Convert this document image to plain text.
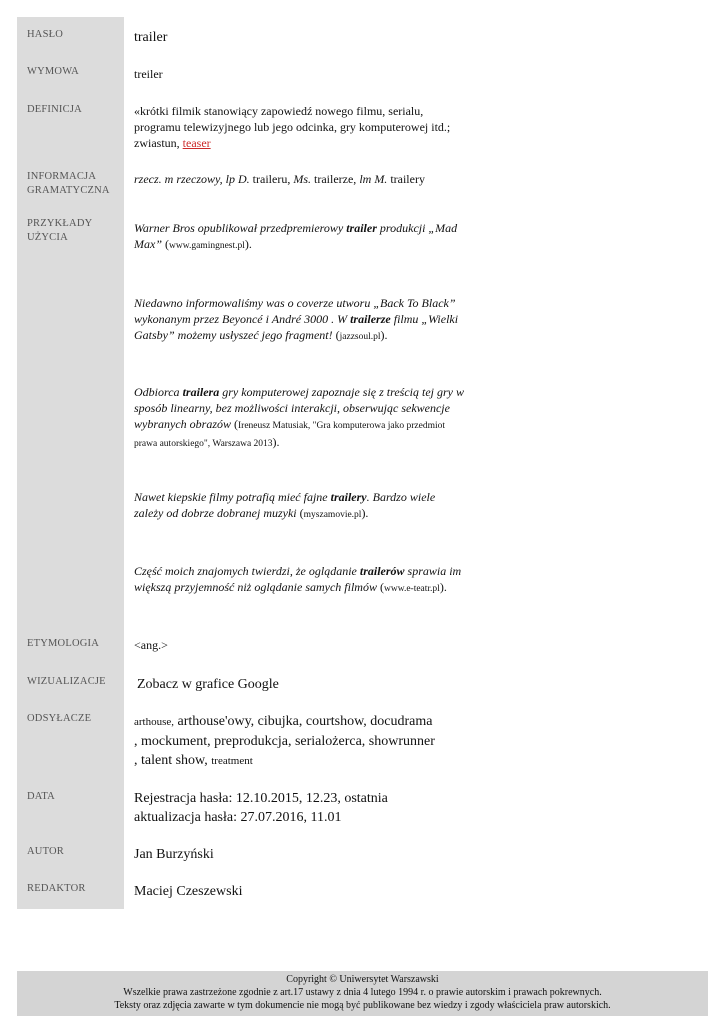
HASŁO
WYMOWA
DEFINICJA
INFORMACJA
GRAMATYCZNA
PRZYKŁADY
UŻYCIA
ETYMOLOGIA
WIZUALIZACJE
ODSYŁACZE
DATA
AUTOR
REDAKTOR
trailer
treiler
«krótki filmik stanowiący zapowiedź nowego filmu, serialu, programu telewizyjnego lub jego odcinka, gry komputerowej itd.; zwiastun, teaser
rzecz. m rzeczowy, lp D. traileru, Ms. trailerze, lm M. trailery
Warner Bros opublikował przedpremierowy trailer produkcji „Mad Max” (www.gamingnest.pl).
Niedawno informowaliśmy was o coverze utworu „Back To Black” wykonanym przez Beyoncé i André 3000 . W trailerze filmu „Wielki Gatsby” możemy usłyszeć jego fragment! (jazzsoul.pl).
Odbiorca trailera gry komputerowej zapoznaje się z treścią tej gry w sposób linearny, bez możliwości interakcji, obserwując sekwencje wybranych obrazów (Ireneusz Matusiak, "Gra komputerowa jako przedmiot prawa autorskiego", Warszawa 2013).
Nawet kiepskie filmy potrafią mieć fajne trailery. Bardzo wiele zależy od dobrze dobranej muzyki (myszamovie.pl).
Część moich znajomych twierdzi, że oglądanie trailerów sprawia im większą przyjemność niż oglądanie samych filmów (www.e-teatr.pl).
<ang.>
Zobacz w grafice Google
arthouse, arthouse'owy, cibujka, courtshow, docudrama
, mockument, preprodukcja, serialożerca, showrunner
, talent show, treatment
Rejestracja hasła: 12.10.2015, 12.23, ostatnia
aktualizacja hasła: 27.07.2016, 11.01
Jan Burzyński
Maciej Czeszewski
Copyright © Uniwersytet Warszawski
Wszelkie prawa zastrzeżone zgodnie z art.17 ustawy z dnia 4 lutego 1994 r. o prawie autorskim i prawach pokrewnych.
Teksty oraz zdjęcia zawarte w tym dokumencie nie mogą być publikowane bez wiedzy i zgody właściciela praw autorskich.
